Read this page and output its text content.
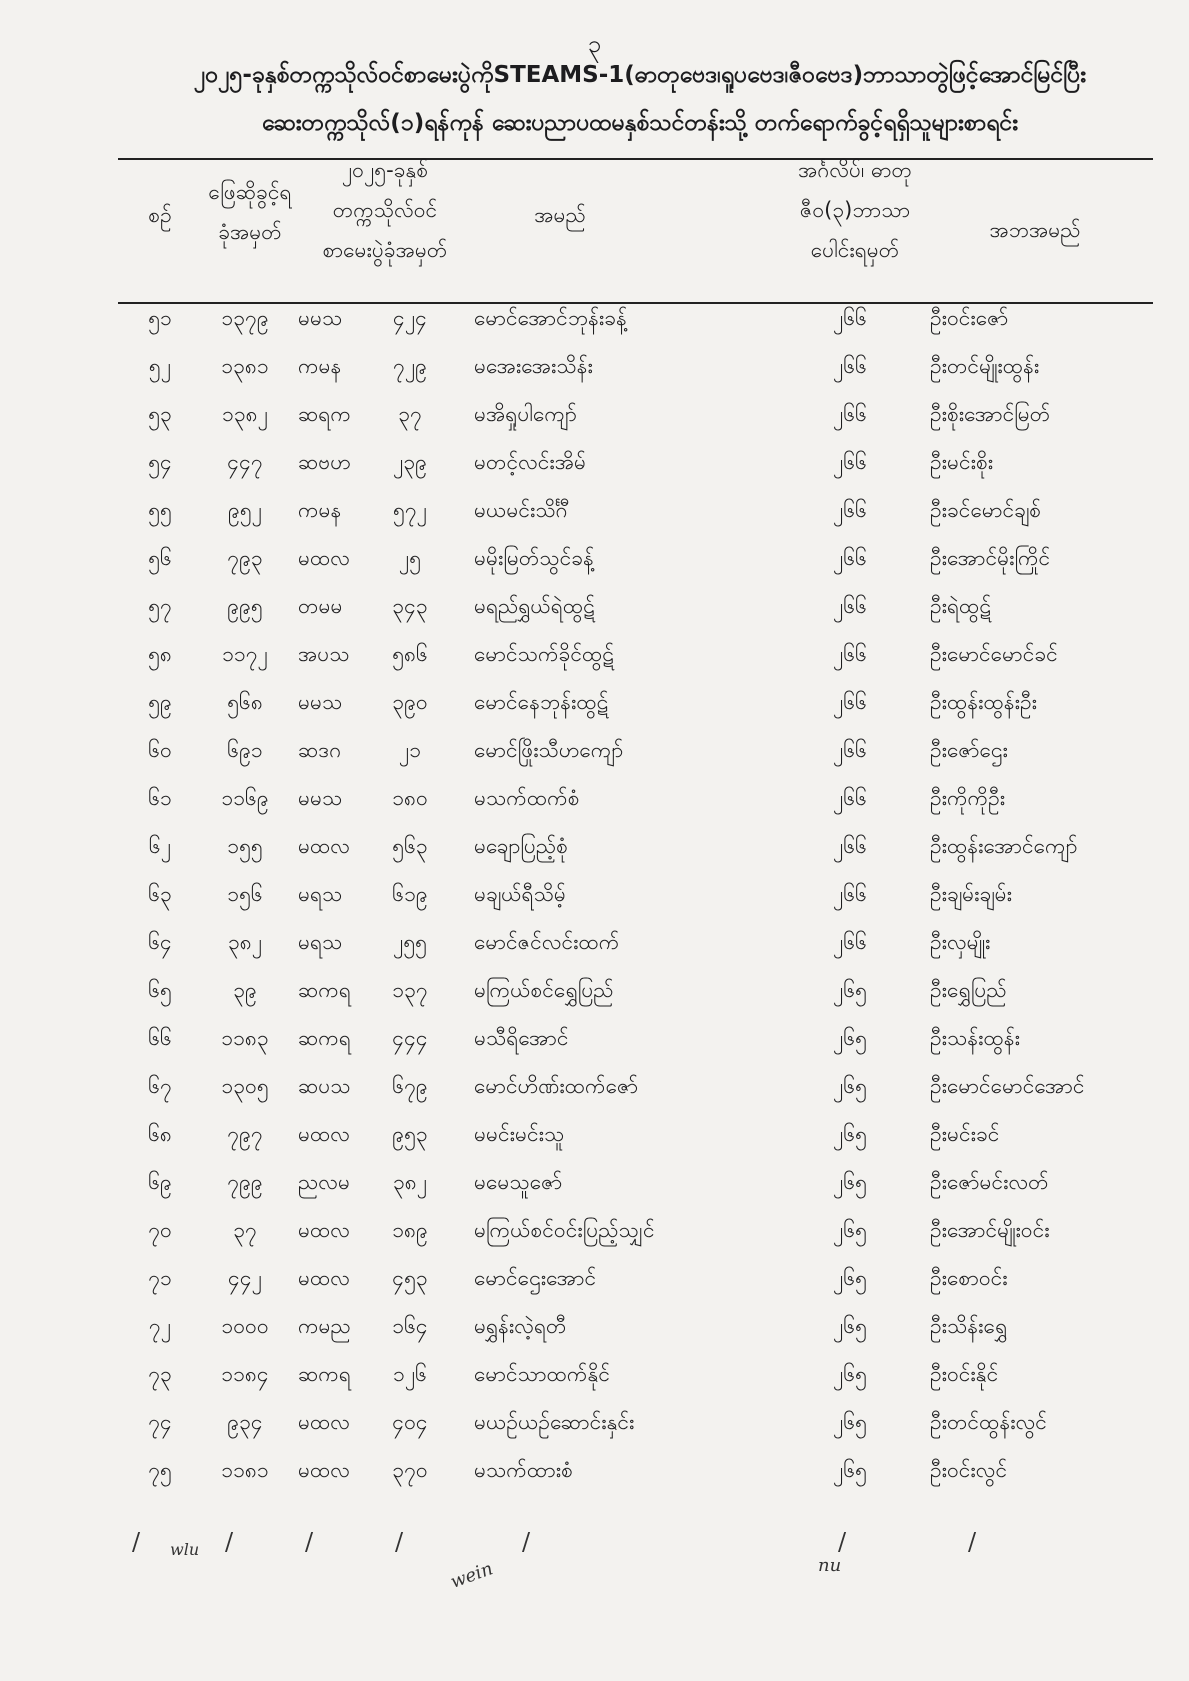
၃
၂၀၂၅-ခုနှစ်တက္ကသိုလ်ဝင်စာမေးပွဲကိုSTEAMS-1(ဓာတုဗေဒ၊ရူပဗေဒ၊ဇီဝဗေဒ)ဘာသာတွဲဖြင့်အောင်မြင်ပြီး
ဆေးတက္ကသိုလ်(၁)ရန်ကုန် ဆေးပညာပထမနှစ်သင်တန်းသို့ တက်ရောက်ခွင့်ရရှိသူများစာရင်း
စဉ်
ဖြေဆိုခွင့်ရ
ခုံအမှတ်
၂၀၂၅-ခုနှစ်
တက္ကသိုလ်ဝင်
စာမေးပွဲခုံအမှတ်
အမည်
အင်္ဂလိပ်၊ ဓာတု
ဇီဝ(၃)ဘာသာ
ပေါင်းရမှတ်
အဘအမည်
၅၁	၁၃၇၉	မမသ	၄၂၄	မောင်အောင်ဘုန်းခန့်	၂၆၆	ဦးဝင်းဇော်
၅၂	၁၃၈၁	ကမန	၇၂၉	မအေးအေးသိန်း	၂၆၆	ဦးတင်မျိုးထွန်း
၅၃	၁၃၈၂	ဆရက	၃၇	မအိရှုပါကျော်	၂၆၆	ဦးစိုးအောင်မြတ်
၅၄	၄၄၇	ဆဗဟ	၂၃၉	မတင့်လင်းအိမ်	၂၆၆	ဦးမင်းစိုး
၅၅	၉၅၂	ကမန	၅၇၂	မယမင်းသိင်္ဂီ	၂၆၆	ဦးခင်မောင်ချစ်
၅၆	၇၉၃	မထလ	၂၅	မမိုးမြတ်သွင်ခန့်	၂၆၆	ဦးအောင်မိုးကြိုင်
၅၇	၉၉၅	တမမ	၃၄၃	မရည်ရွှယ်ရဲထွဋ်	၂၆၆	ဦးရဲထွဋ်
၅၈	၁၁၇၂	အပသ	၅၈၆	မောင်သက်ခိုင်ထွဋ်	၂၆၆	ဦးမောင်မောင်ခင်
၅၉	၅၆၈	မမသ	၃၉၀	မောင်နေဘုန်းထွဋ်	၂၆၆	ဦးထွန်းထွန်းဦး
၆၀	၆၉၁	ဆဒဂ	၂၁	မောင်ဖြိုးသီဟကျော်	၂၆၆	ဦးဇော်ဌေး
၆၁	၁၁၆၉	မမသ	၁၈၀	မသက်ထက်စံ	၂၆၆	ဦးကိုကိုဦး
၆၂	၁၅၅	မထလ	၅၆၃	မချောပြည့်စုံ	၂၆၆	ဦးထွန်းအောင်ကျော်
၆၃	၁၅၆	မရသ	၆၁၉	မချယ်ရီသိမ့်	၂၆၆	ဦးချမ်းချမ်း
၆၄	၃၈၂	မရသ	၂၅၅	မောင်ဇင်လင်းထက်	၂၆၆	ဦးလှမျိုး
၆၅	၃၉	ဆကရ	၁၃၇	မကြယ်စင်ရွှေပြည်	၂၆၅	ဦးရွှေပြည်
၆၆	၁၁၈၃	ဆကရ	၄၄၄	မသီရိအောင်	၂၆၅	ဦးသန်းထွန်း
၆၇	၁၃၀၅	ဆပသ	၆၇၉	မောင်ဟိဏ်းထက်ဇော်	၂၆၅	ဦးမောင်မောင်အောင်
၆၈	၇၉၇	မထလ	၉၅၃	မမင်းမင်းသူ	၂၆၅	ဦးမင်းခင်
၆၉	၇၉၉	ညလမ	၃၈၂	မမေသူဇော်	၂၆၅	ဦးဇော်မင်းလတ်
၇၀	၃၇	မထလ	၁၈၉	မကြယ်စင်ဝင်းပြည့်သျှင်	၂၆၅	ဦးအောင်မျိုးဝင်း
၇၁	၄၄၂	မထလ	၄၅၃	မောင်ဌေးအောင်	၂၆၅	ဦးစောဝင်း
၇၂	၁၀၀၀	ကမည	၁၆၄	မရွှန်းလဲ့ရတီ	၂၆၅	ဦးသိန်းရွှေ
၇၃	၁၁၈၄	ဆကရ	၁၂၆	မောင်သာထက်နိုင်	၂၆၅	ဦးဝင်းနိုင်
၇၄	၉၃၄	မထလ	၄၀၄	မယဉ်ယဉ်ဆောင်းနှင်း	၂၆၅	ဦးတင်ထွန်းလွင်
၇၅	၁၁၈၁	မထလ	၃၇၀	မသက်ထားစံ	၂၆၅	ဦးဝင်းလွင်
/ wlu /	/	/
wein
/	/
nu
/
